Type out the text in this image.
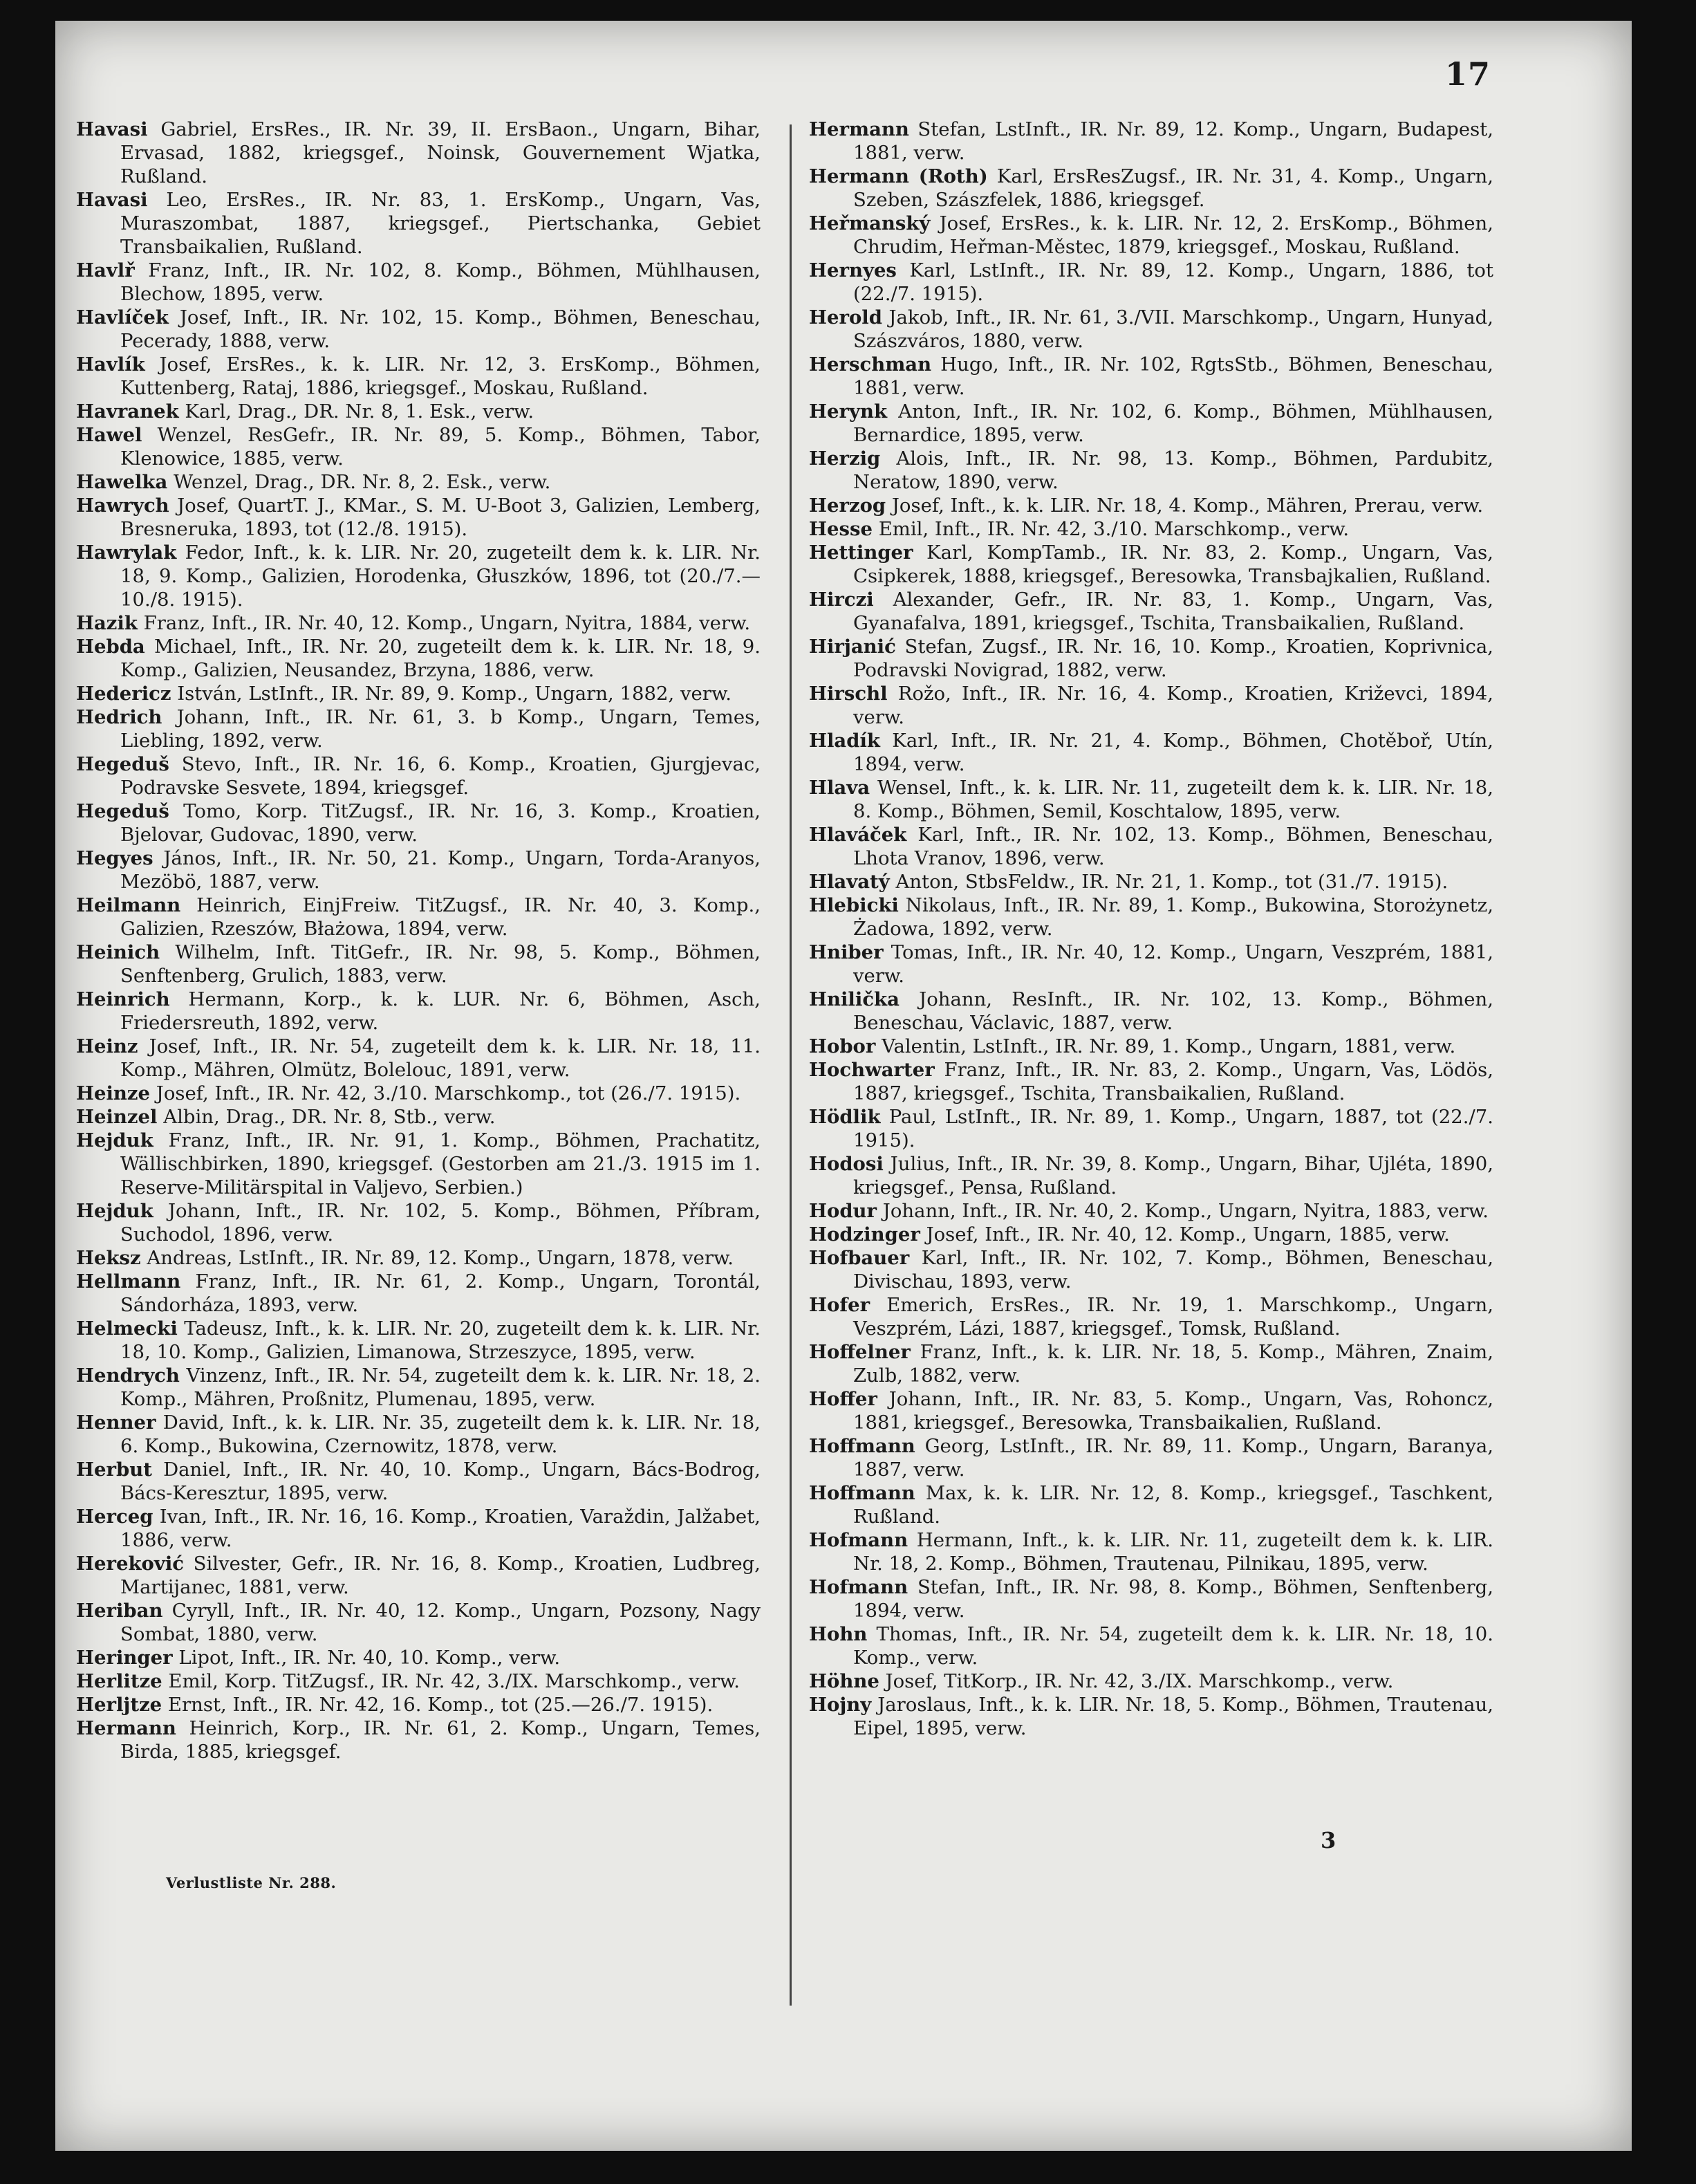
17
Havasi Gabriel, ErsRes., IR. Nr. 39, II. ErsBaon., Ungarn, Bihar, Ervasad, 1882, kriegsgef., Noinsk, Gouvernement Wjatka, Rußland.
Havasi Leo, ErsRes., IR. Nr. 83, 1. ErsKomp., Ungarn, Vas, Muraszombat, 1887, kriegsgef., Piertschanka, Gebiet Transbaikalien, Rußland.
Havlř Franz, Inft., IR. Nr. 102, 8. Komp., Böhmen, Mühlhausen, Blechow, 1895, verw.
Havlíček Josef, Inft., IR. Nr. 102, 15. Komp., Böhmen, Beneschau, Pecerady, 1888, verw.
Havlík Josef, ErsRes., k. k. LIR. Nr. 12, 3. ErsKomp., Böhmen, Kuttenberg, Rataj, 1886, kriegsgef., Moskau, Rußland.
Havranek Karl, Drag., DR. Nr. 8, 1. Esk., verw.
Hawel Wenzel, ResGefr., IR. Nr. 89, 5. Komp., Böhmen, Tabor, Klenowice, 1885, verw.
Hawelka Wenzel, Drag., DR. Nr. 8, 2. Esk., verw.
Hawrych Josef, QuartT. J., KMar., S. M. U-Boot 3, Galizien, Lemberg, Bresneruka, 1893, tot (12./8. 1915).
Hawrylak Fedor, Inft., k. k. LIR. Nr. 20, zugeteilt dem k. k. LIR. Nr. 18, 9. Komp., Galizien, Horodenka, Głuszków, 1896, tot (20./7.—10./8. 1915).
Hazik Franz, Inft., IR. Nr. 40, 12. Komp., Ungarn, Nyitra, 1884, verw.
Hebda Michael, Inft., IR. Nr. 20, zugeteilt dem k. k. LIR. Nr. 18, 9. Komp., Galizien, Neusandez, Brzyna, 1886, verw.
Hedericz István, LstInft., IR. Nr. 89, 9. Komp., Ungarn, 1882, verw.
Hedrich Johann, Inft., IR. Nr. 61, 3. b Komp., Ungarn, Temes, Liebling, 1892, verw.
Hegeduš Stevo, Inft., IR. Nr. 16, 6. Komp., Kroatien, Gjurgjevac, Podravske Sesvete, 1894, kriegsgef.
Hegeduš Tomo, Korp. TitZugsf., IR. Nr. 16, 3. Komp., Kroatien, Bjelovar, Gudovac, 1890, verw.
Hegyes János, Inft., IR. Nr. 50, 21. Komp., Ungarn, Torda-Aranyos, Mezöbö, 1887, verw.
Heilmann Heinrich, EinjFreiw. TitZugsf., IR. Nr. 40, 3. Komp., Galizien, Rzeszów, Błażowa, 1894, verw.
Heinich Wilhelm, Inft. TitGefr., IR. Nr. 98, 5. Komp., Böhmen, Senftenberg, Grulich, 1883, verw.
Heinrich Hermann, Korp., k. k. LUR. Nr. 6, Böhmen, Asch, Friedersreuth, 1892, verw.
Heinz Josef, Inft., IR. Nr. 54, zugeteilt dem k. k. LIR. Nr. 18, 11. Komp., Mähren, Olmütz, Bolelouc, 1891, verw.
Heinze Josef, Inft., IR. Nr. 42, 3./10. Marschkomp., tot (26./7. 1915).
Heinzel Albin, Drag., DR. Nr. 8, Stb., verw.
Hejduk Franz, Inft., IR. Nr. 91, 1. Komp., Böhmen, Prachatitz, Wällischbirken, 1890, kriegsgef. (Gestorben am 21./3. 1915 im 1. Reserve-Militärspital in Valjevo, Serbien.)
Hejduk Johann, Inft., IR. Nr. 102, 5. Komp., Böhmen, Příbram, Suchodol, 1896, verw.
Heksz Andreas, LstInft., IR. Nr. 89, 12. Komp., Ungarn, 1878, verw.
Hellmann Franz, Inft., IR. Nr. 61, 2. Komp., Ungarn, Torontál, Sándorháza, 1893, verw.
Helmecki Tadeusz, Inft., k. k. LIR. Nr. 20, zugeteilt dem k. k. LIR. Nr. 18, 10. Komp., Galizien, Limanowa, Strzeszyce, 1895, verw.
Hendrych Vinzenz, Inft., IR. Nr. 54, zugeteilt dem k. k. LIR. Nr. 18, 2. Komp., Mähren, Proßnitz, Plumenau, 1895, verw.
Henner David, Inft., k. k. LIR. Nr. 35, zugeteilt dem k. k. LIR. Nr. 18, 6. Komp., Bukowina, Czernowitz, 1878, verw.
Herbut Daniel, Inft., IR. Nr. 40, 10. Komp., Ungarn, Bács-Bodrog, Bács-Keresztur, 1895, verw.
Herceg Ivan, Inft., IR. Nr. 16, 16. Komp., Kroatien, Varaždin, Jalžabet, 1886, verw.
Hereković Silvester, Gefr., IR. Nr. 16, 8. Komp., Kroatien, Ludbreg, Martijanec, 1881, verw.
Heriban Cyryll, Inft., IR. Nr. 40, 12. Komp., Ungarn, Pozsony, Nagy Sombat, 1880, verw.
Heringer Lipot, Inft., IR. Nr. 40, 10. Komp., verw.
Herlitze Emil, Korp. TitZugsf., IR. Nr. 42, 3./IX. Marschkomp., verw.
Herljtze Ernst, Inft., IR. Nr. 42, 16. Komp., tot (25.—26./7. 1915).
Hermann Heinrich, Korp., IR. Nr. 61, 2. Komp., Ungarn, Temes, Birda, 1885, kriegsgef.
Hermann Stefan, LstInft., IR. Nr. 89, 12. Komp., Ungarn, Budapest, 1881, verw.
Hermann (Roth) Karl, ErsResZugsf., IR. Nr. 31, 4. Komp., Ungarn, Szeben, Szászfelek, 1886, kriegsgef.
Heřmanský Josef, ErsRes., k. k. LIR. Nr. 12, 2. ErsKomp., Böhmen, Chrudim, Heřman-Městec, 1879, kriegsgef., Moskau, Rußland.
Hernyes Karl, LstInft., IR. Nr. 89, 12. Komp., Ungarn, 1886, tot (22./7. 1915).
Herold Jakob, Inft., IR. Nr. 61, 3./VII. Marschkomp., Ungarn, Hunyad, Szászváros, 1880, verw.
Herschman Hugo, Inft., IR. Nr. 102, RgtsStb., Böhmen, Beneschau, 1881, verw.
Herynk Anton, Inft., IR. Nr. 102, 6. Komp., Böhmen, Mühlhausen, Bernardice, 1895, verw.
Herzig Alois, Inft., IR. Nr. 98, 13. Komp., Böhmen, Pardubitz, Neratow, 1890, verw.
Herzog Josef, Inft., k. k. LIR. Nr. 18, 4. Komp., Mähren, Prerau, verw.
Hesse Emil, Inft., IR. Nr. 42, 3./10. Marschkomp., verw.
Hettinger Karl, KompTamb., IR. Nr. 83, 2. Komp., Ungarn, Vas, Csipkerek, 1888, kriegsgef., Beresowka, Transbajkalien, Rußland.
Hirczi Alexander, Gefr., IR. Nr. 83, 1. Komp., Ungarn, Vas, Gyanafalva, 1891, kriegsgef., Tschita, Transbaikalien, Rußland.
Hirjanić Stefan, Zugsf., IR. Nr. 16, 10. Komp., Kroatien, Koprivnica, Podravski Novigrad, 1882, verw.
Hirschl Rožo, Inft., IR. Nr. 16, 4. Komp., Kroatien, Križevci, 1894, verw.
Hladík Karl, Inft., IR. Nr. 21, 4. Komp., Böhmen, Chotěboř, Utín, 1894, verw.
Hlava Wensel, Inft., k. k. LIR. Nr. 11, zugeteilt dem k. k. LIR. Nr. 18, 8. Komp., Böhmen, Semil, Koschtalow, 1895, verw.
Hlaváček Karl, Inft., IR. Nr. 102, 13. Komp., Böhmen, Beneschau, Lhota Vranov, 1896, verw.
Hlavatý Anton, StbsFeldw., IR. Nr. 21, 1. Komp., tot (31./7. 1915).
Hlebicki Nikolaus, Inft., IR. Nr. 89, 1. Komp., Bukowina, Storożynetz, Żadowa, 1892, verw.
Hniber Tomas, Inft., IR. Nr. 40, 12. Komp., Ungarn, Veszprém, 1881, verw.
Hnilička Johann, ResInft., IR. Nr. 102, 13. Komp., Böhmen, Beneschau, Václavic, 1887, verw.
Hobor Valentin, LstInft., IR. Nr. 89, 1. Komp., Ungarn, 1881, verw.
Hochwarter Franz, Inft., IR. Nr. 83, 2. Komp., Ungarn, Vas, Lödös, 1887, kriegsgef., Tschita, Transbaikalien, Rußland.
Hödlik Paul, LstInft., IR. Nr. 89, 1. Komp., Ungarn, 1887, tot (22./7. 1915).
Hodosi Julius, Inft., IR. Nr. 39, 8. Komp., Ungarn, Bihar, Ujléta, 1890, kriegsgef., Pensa, Rußland.
Hodur Johann, Inft., IR. Nr. 40, 2. Komp., Ungarn, Nyitra, 1883, verw.
Hodzinger Josef, Inft., IR. Nr. 40, 12. Komp., Ungarn, 1885, verw.
Hofbauer Karl, Inft., IR. Nr. 102, 7. Komp., Böhmen, Beneschau, Divischau, 1893, verw.
Hofer Emerich, ErsRes., IR. Nr. 19, 1. Marschkomp., Ungarn, Veszprém, Lázi, 1887, kriegsgef., Tomsk, Rußland.
Hoffelner Franz, Inft., k. k. LIR. Nr. 18, 5. Komp., Mähren, Znaim, Zulb, 1882, verw.
Hoffer Johann, Inft., IR. Nr. 83, 5. Komp., Ungarn, Vas, Rohoncz, 1881, kriegsgef., Beresowka, Transbaikalien, Rußland.
Hoffmann Georg, LstInft., IR. Nr. 89, 11. Komp., Ungarn, Baranya, 1887, verw.
Hoffmann Max, k. k. LIR. Nr. 12, 8. Komp., kriegsgef., Taschkent, Rußland.
Hofmann Hermann, Inft., k. k. LIR. Nr. 11, zugeteilt dem k. k. LIR. Nr. 18, 2. Komp., Böhmen, Trautenau, Pilnikau, 1895, verw.
Hofmann Stefan, Inft., IR. Nr. 98, 8. Komp., Böhmen, Senftenberg, 1894, verw.
Hohn Thomas, Inft., IR. Nr. 54, zugeteilt dem k. k. LIR. Nr. 18, 10. Komp., verw.
Höhne Josef, TitKorp., IR. Nr. 42, 3./IX. Marschkomp., verw.
Hojny Jaroslaus, Inft., k. k. LIR. Nr. 18, 5. Komp., Böhmen, Trautenau, Eipel, 1895, verw.
Verlustliste Nr. 288.
3
